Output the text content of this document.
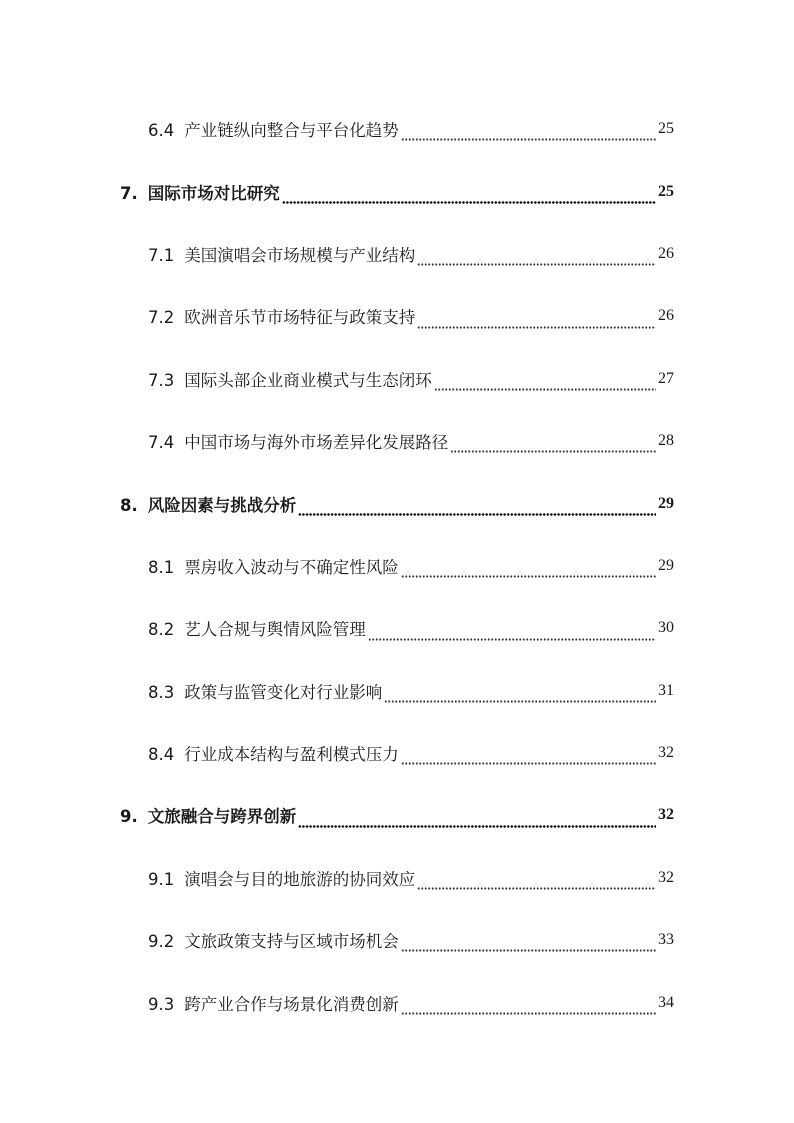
6.4 产业链纵向整合与平台化趋势	25
7. 国际市场对比研究	25
7.1 美国演唱会市场规模与产业结构	26
7.2 欧洲音乐节市场特征与政策支持	26
7.3 国际头部企业商业模式与生态闭环	27
7.4 中国市场与海外市场差异化发展路径	28
8. 风险因素与挑战分析	29
8.1 票房收入波动与不确定性风险	29
8.2 艺人合规与舆情风险管理	30
8.3 政策与监管变化对行业影响	31
8.4 行业成本结构与盈利模式压力	32
9. 文旅融合与跨界创新	32
9.1 演唱会与目的地旅游的协同效应	32
9.2 文旅政策支持与区域市场机会	33
9.3 跨产业合作与场景化消费创新	34
